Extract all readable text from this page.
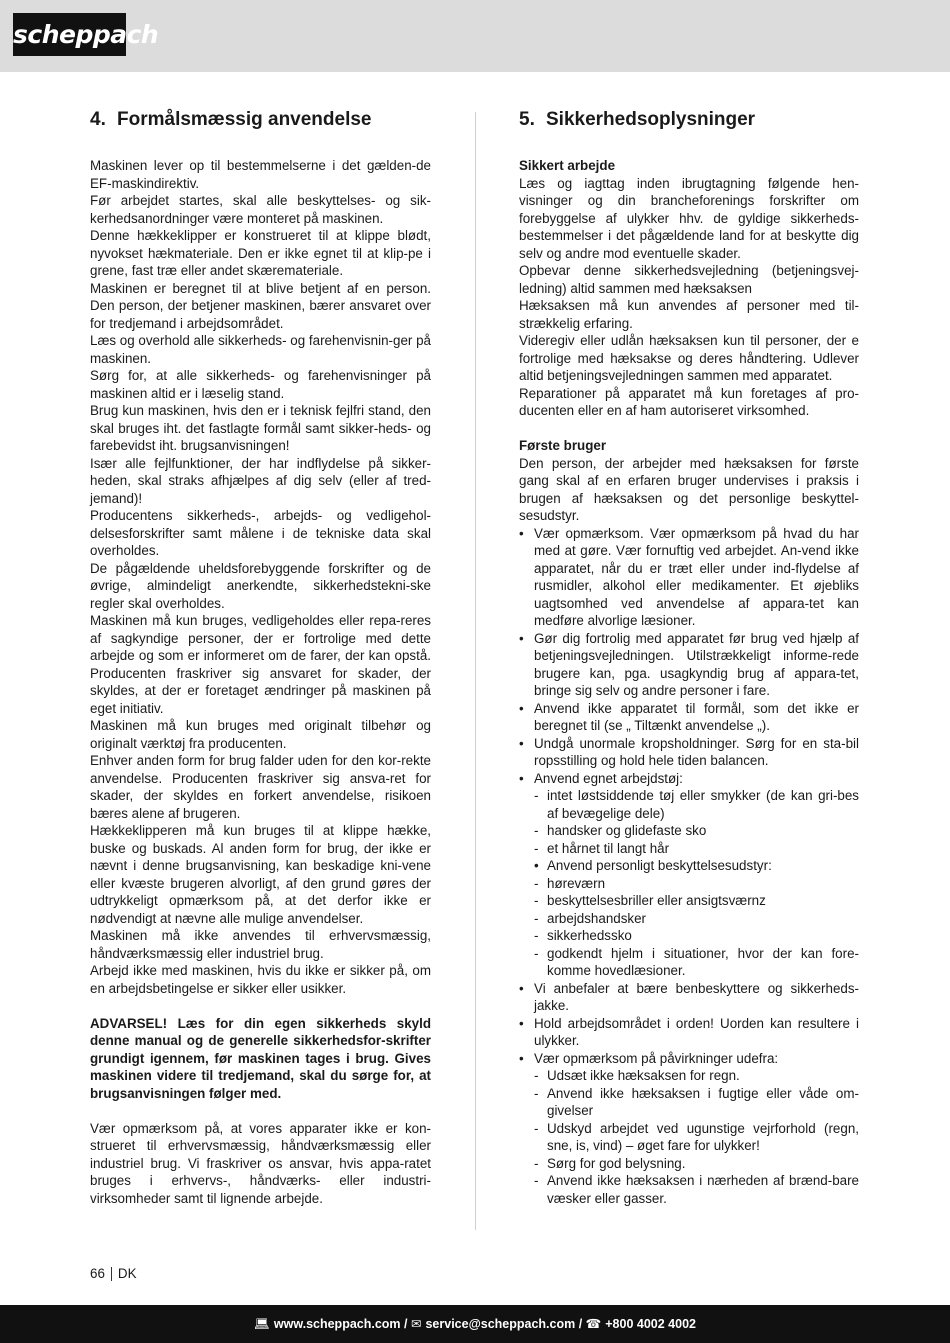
scheppach
4. Formålsmæssig anvendelse

Maskinen lever op til bestemmelserne i det gælden-de EF-maskindirektiv.

Før arbejdet startes, skal alle beskyttelses- og sik-kerhedsanordninger være monteret på maskinen.

Denne hækkeklipper er konstrueret til at klippe blødt, nyvokset hækmateriale. Den er ikke egnet til at klip-pe i grene, fast træ eller andet skæremateriale.

Maskinen er beregnet til at blive betjent af en person. Den person, der betjener maskinen, bærer ansvaret over for tredjemand i arbejdsområdet.

Læs og overhold alle sikkerheds- og farehenvisnin-ger på maskinen.

Sørg for, at alle sikkerheds- og farehenvisninger på maskinen altid er i læselig stand.

Brug kun maskinen, hvis den er i teknisk fejlfri stand, den skal bruges iht. det fastlagte formål samt sikker-heds- og farebevidst iht. brugsanvisningen!

Især alle fejlfunktioner, der har indflydelse på sikker-heden, skal straks afhjælpes af dig selv (eller af tred-jemand)!

Producentens sikkerheds-, arbejds- og vedligehol-delsesforskrifter samt målene i de tekniske data skal overholdes.

De pågældende uheldsforebyggende forskrifter og de øvrige, almindeligt anerkendte, sikkerhedstekni-ske regler skal overholdes.

Maskinen må kun bruges, vedligeholdes eller repa-reres af sagkyndige personer, der er fortrolige med dette arbejde og som er informeret om de farer, der kan opstå. Producenten fraskriver sig ansvaret for skader, der skyldes, at der er foretaget ændringer på maskinen på eget initiativ.

Maskinen må kun bruges med originalt tilbehør og originalt værktøj fra producenten.

Enhver anden form for brug falder uden for den kor-rekte anvendelse. Producenten fraskriver sig ansva-ret for skader, der skyldes en forkert anvendelse, risikoen bæres alene af brugeren.

Hækkeklipperen må kun bruges til at klippe hække, buske og buskads. Al anden form for brug, der ikke er nævnt i denne brugsanvisning, kan beskadige kni-vene eller kvæste brugeren alvorligt, af den grund gøres der udtrykkeligt opmærksom på, at det derfor ikke er nødvendigt at nævne alle mulige anvendelser.

Maskinen må ikke anvendes til erhvervsmæssig, håndværksmæssig eller industriel brug.

Arbejd ikke med maskinen, hvis du ikke er sikker på, om en arbejdsbetingelse er sikker eller usikker.

ADVARSEL! Læs for din egen sikkerheds skyld denne manual og de generelle sikkerhedsfor-skrifter grundigt igennem, før maskinen tages i brug. Gives maskinen videre til tredjemand, skal du sørge for, at brugsanvisningen følger med.

Vær opmærksom på, at vores apparater ikke er kon-strueret til erhvervsmæssig, håndværksmæssig eller industriel brug. Vi fraskriver os ansvar, hvis appa-ratet bruges i erhvervs-, håndværks- eller industri-virksomheder samt til lignende arbejde.

5. Sikkerhedsoplysninger

Sikkert arbejde

Læs og iagttag inden ibrugtagning følgende hen-visninger og din brancheforenings forskrifter om forebyggelse af ulykker hhv. de gyldige sikkerheds-bestemmelser i det pågældende land for at beskytte dig selv og andre mod eventuelle skader.

Opbevar denne sikkerhedsvejledning (betjeningsvej-ledning) altid sammen med hæksaksen

Hæksaksen må kun anvendes af personer med til-strækkelig erfaring.

Videregiv eller udlån hæksaksen kun til personer, der e fortrolige med hæksakse og deres håndtering. Udlever altid betjeningsvejledningen sammen med apparatet.

Reparationer på apparatet må kun foretages af pro-ducenten eller en af ham autoriseret virksomhed.

Første bruger

Den person, der arbejder med hæksaksen for første gang skal af en erfaren bruger undervises i praksis i brugen af hæksaksen og det personlige beskyttel-sesudstyr.

• Vær opmærksom. Vær opmærksom på hvad du har med at gøre. Vær fornuftig ved arbejdet. An-vend ikke apparatet, når du er træt eller under ind-flydelse af rusmidler, alkohol eller medikamenter. Et øjebliks uagtsomhed ved anvendelse af appara-tet kan medføre alvorlige læsioner.
• Gør dig fortrolig med apparatet før brug ved hjælp af betjeningsvejledningen. Utilstrækkeligt informe-rede brugere kan, pga. usagkyndig brug af appara-tet, bringe sig selv og andre personer i fare.
• Anvend ikke apparatet til formål, som det ikke er beregnet til (se „ Tiltænkt anvendelse „).
• Undgå unormale kropsholdninger. Sørg for en sta-bil ropsstilling og hold hele tiden balancen.
• Anvend egnet arbejdstøj:
- intet løstsiddende tøj eller smykker (de kan gri-bes af bevægelige dele)
- handsker og glidefaste sko
- et hårnet til langt hår
• Anvend personligt beskyttelsesudstyr:
- høreværn
- beskyttelsesbriller eller ansigtsværnz
- arbejdshandsker
- sikkerhedssko
- godkendt hjelm i situationer, hvor der kan fore-komme hovedlæsioner.
• Vi anbefaler at bære benbeskyttere og sikkerheds-jakke.
• Hold arbejdsområdet i orden! Uorden kan resultere i ulykker.
• Vær opmærksom på påvirkninger udefra:
- Udsæt ikke hæksaksen for regn.
- Anvend ikke hæksaksen i fugtige eller våde om-givelser
- Udskyd arbejdet ved ugunstige vejrforhold (regn, sne, is, vind) – øget fare for ulykker!
- Sørg for god belysning.
- Anvend ikke hæksaksen i nærheden af brænd-bare væsker eller gasser.
66 DK
💻︎ www.scheppach.com / ✉︎ service@scheppach.com / ☎︎ +800 4002 4002
